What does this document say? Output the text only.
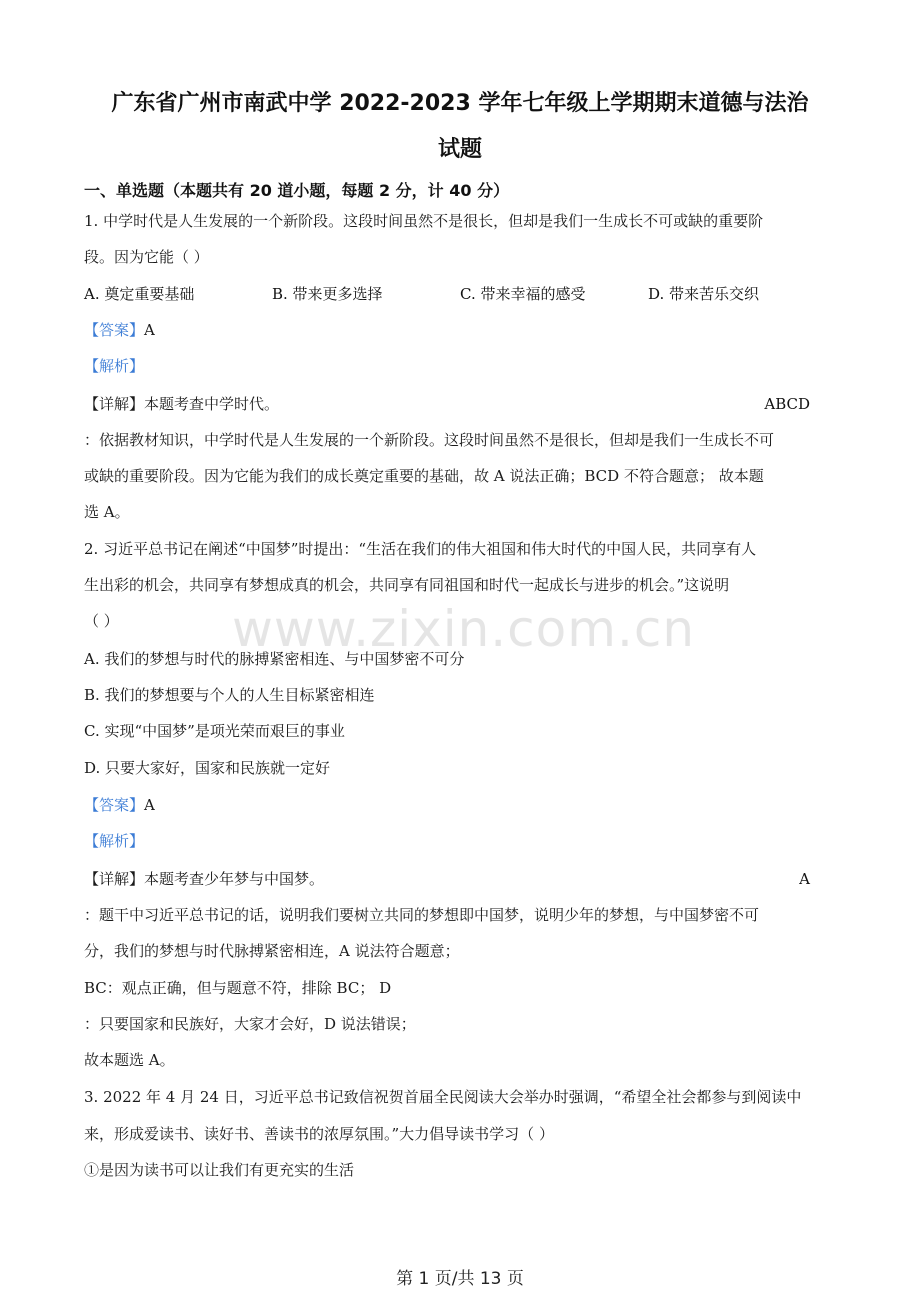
广东省广州市南武中学 2022-2023 学年七年级上学期期末道德与法治
试题
一、单选题（本题共有 20 道小题，每题 2 分，计 40 分）
1. 中学时代是人生发展的一个新阶段。这段时间虽然不是很长，但却是我们一生成长不可或缺的重要阶
段。因为它能（ ）
A. 奠定重要基础	B. 带来更多选择	C. 带来幸福的感受	D. 带来苦乐交织
【答案】A
【解析】
【详解】本题考查中学时代。	ABCD
：依据教材知识，中学时代是人生发展的一个新阶段。这段时间虽然不是很长，但却是我们一生成长不可
或缺的重要阶段。因为它能为我们的成长奠定重要的基础，故 A 说法正确；BCD 不符合题意； 故本题
选 A。
2. 习近平总书记在阐述“中国梦”时提出：“生活在我们的伟大祖国和伟大时代的中国人民，共同享有人
生出彩的机会，共同享有梦想成真的机会，共同享有同祖国和时代一起成长与进步的机会。”这说明
（ ）	www.zixin.com.cn
A. 我们的梦想与时代的脉搏紧密相连、与中国梦密不可分
B. 我们的梦想要与个人的人生目标紧密相连
C. 实现“中国梦”是项光荣而艰巨的事业
D. 只要大家好，国家和民族就一定好
【答案】A
【解析】
【详解】本题考查少年梦与中国梦。	A
：题干中习近平总书记的话，说明我们要树立共同的梦想即中国梦，说明少年的梦想，与中国梦密不可
分，我们的梦想与时代脉搏紧密相连，A 说法符合题意；
BC：观点正确，但与题意不符，排除 BC； D
：只要国家和民族好，大家才会好，D 说法错误；
故本题选 A。
3. 2022 年 4 月 24 日，习近平总书记致信祝贺首届全民阅读大会举办时强调，“希望全社会都参与到阅读中
来，形成爱读书、读好书、善读书的浓厚氛围。”大力倡导读书学习（ ）
①是因为读书可以让我们有更充实的生活
第 1 页/共 13 页
